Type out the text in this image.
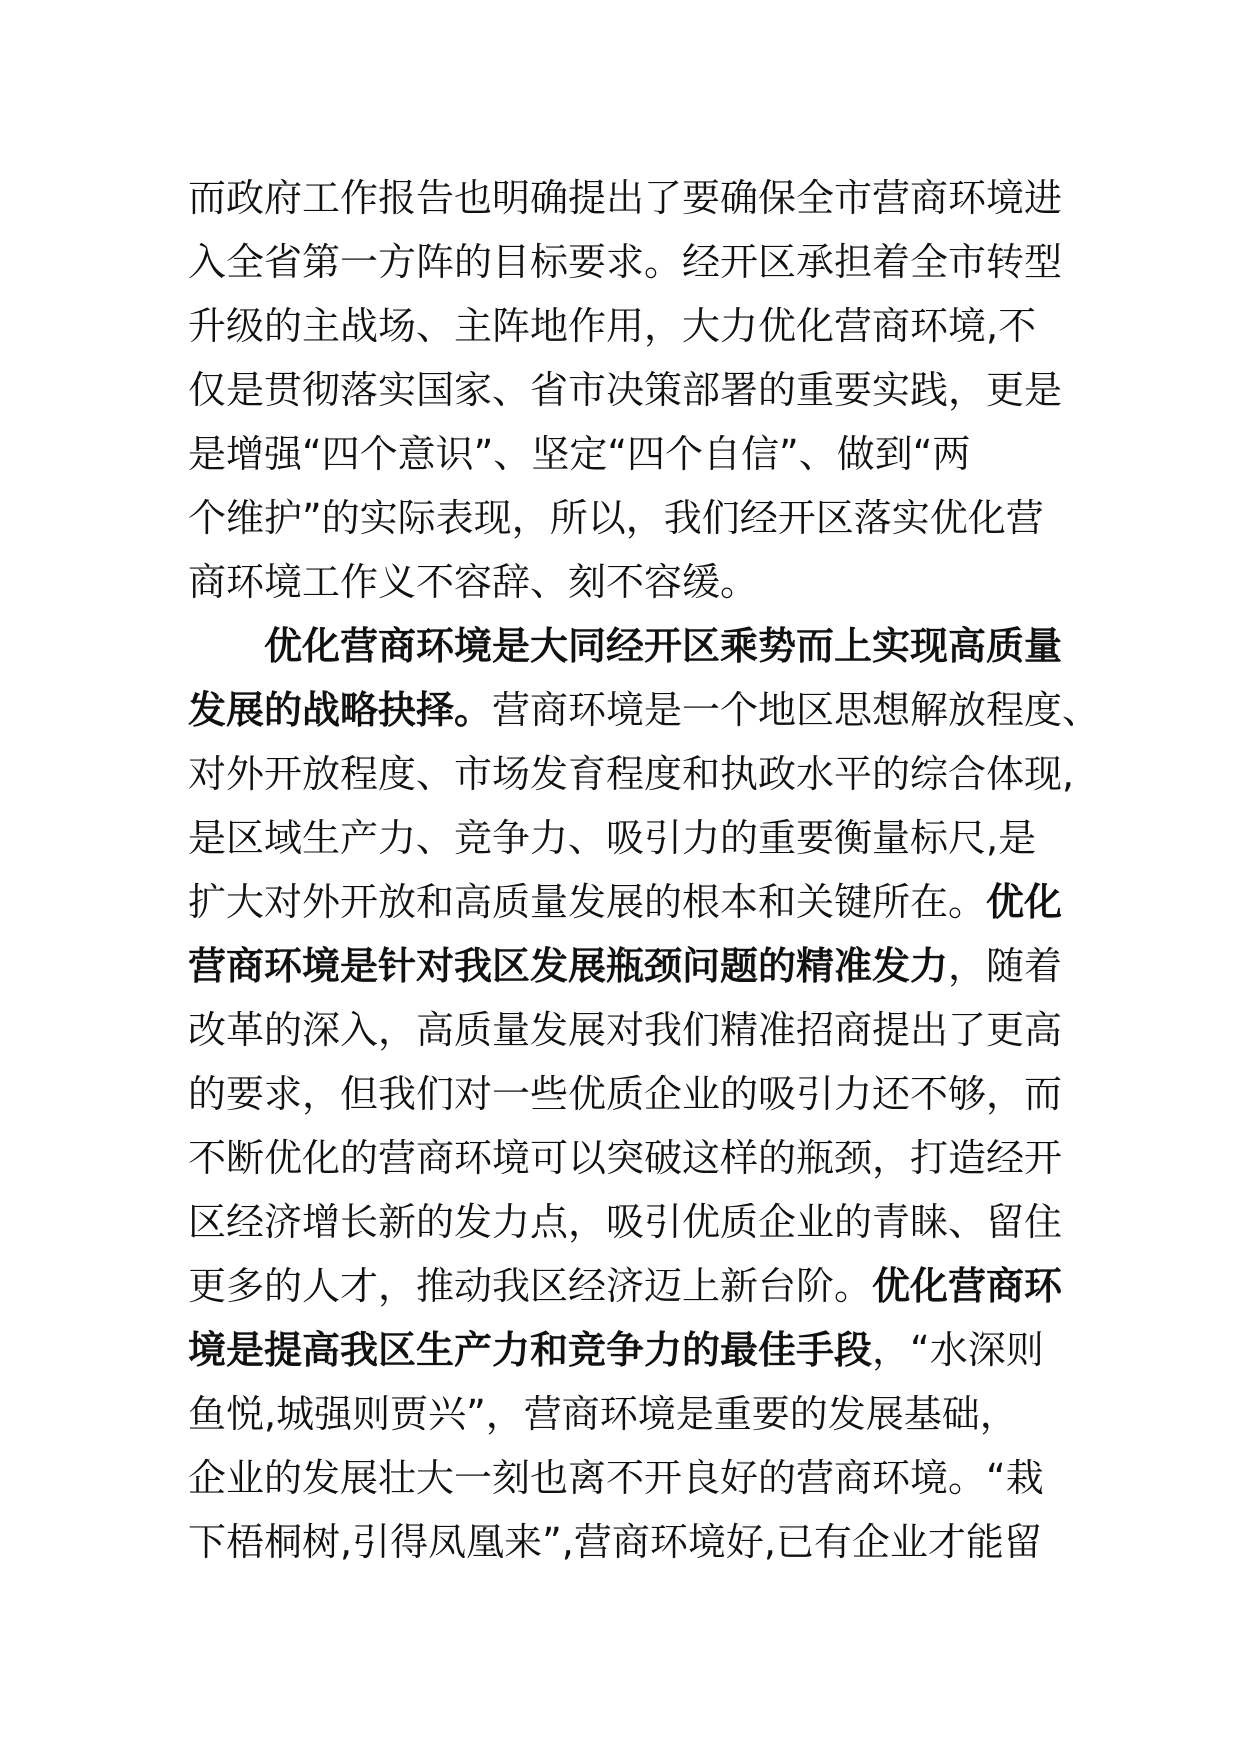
而政府工作报告也明确提出了要确保全市营商环境进
入全省第一方阵的目标要求。经开区承担着全市转型
升级的主战场、主阵地作用，大力优化营商环境,不
仅是贯彻落实国家、省市决策部署的重要实践，更是
是增强“四个意识”、坚定“四个自信”、做到“两
个维护”的实际表现，所以，我们经开区落实优化营
商环境工作义不容辞、刻不容缓。
优化营商环境是大同经开区乘势而上实现高质量
发展的战略抉择。营商环境是一个地区思想解放程度、
对外开放程度、市场发育程度和执政水平的综合体现,
是区域生产力、竞争力、吸引力的重要衡量标尺,是
扩大对外开放和高质量发展的根本和关键所在。优化
营商环境是针对我区发展瓶颈问题的精准发力，随着
改革的深入，高质量发展对我们精准招商提出了更高
的要求，但我们对一些优质企业的吸引力还不够，而
不断优化的营商环境可以突破这样的瓶颈，打造经开
区经济增长新的发力点，吸引优质企业的青睐、留住
更多的人才，推动我区经济迈上新台阶。优化营商环
境是提高我区生产力和竞争力的最佳手段，“水深则
鱼悦,城强则贾兴”，营商环境是重要的发展基础，
企业的发展壮大一刻也离不开良好的营商环境。“栽
下梧桐树,引得凤凰来”,营商环境好,已有企业才能留
